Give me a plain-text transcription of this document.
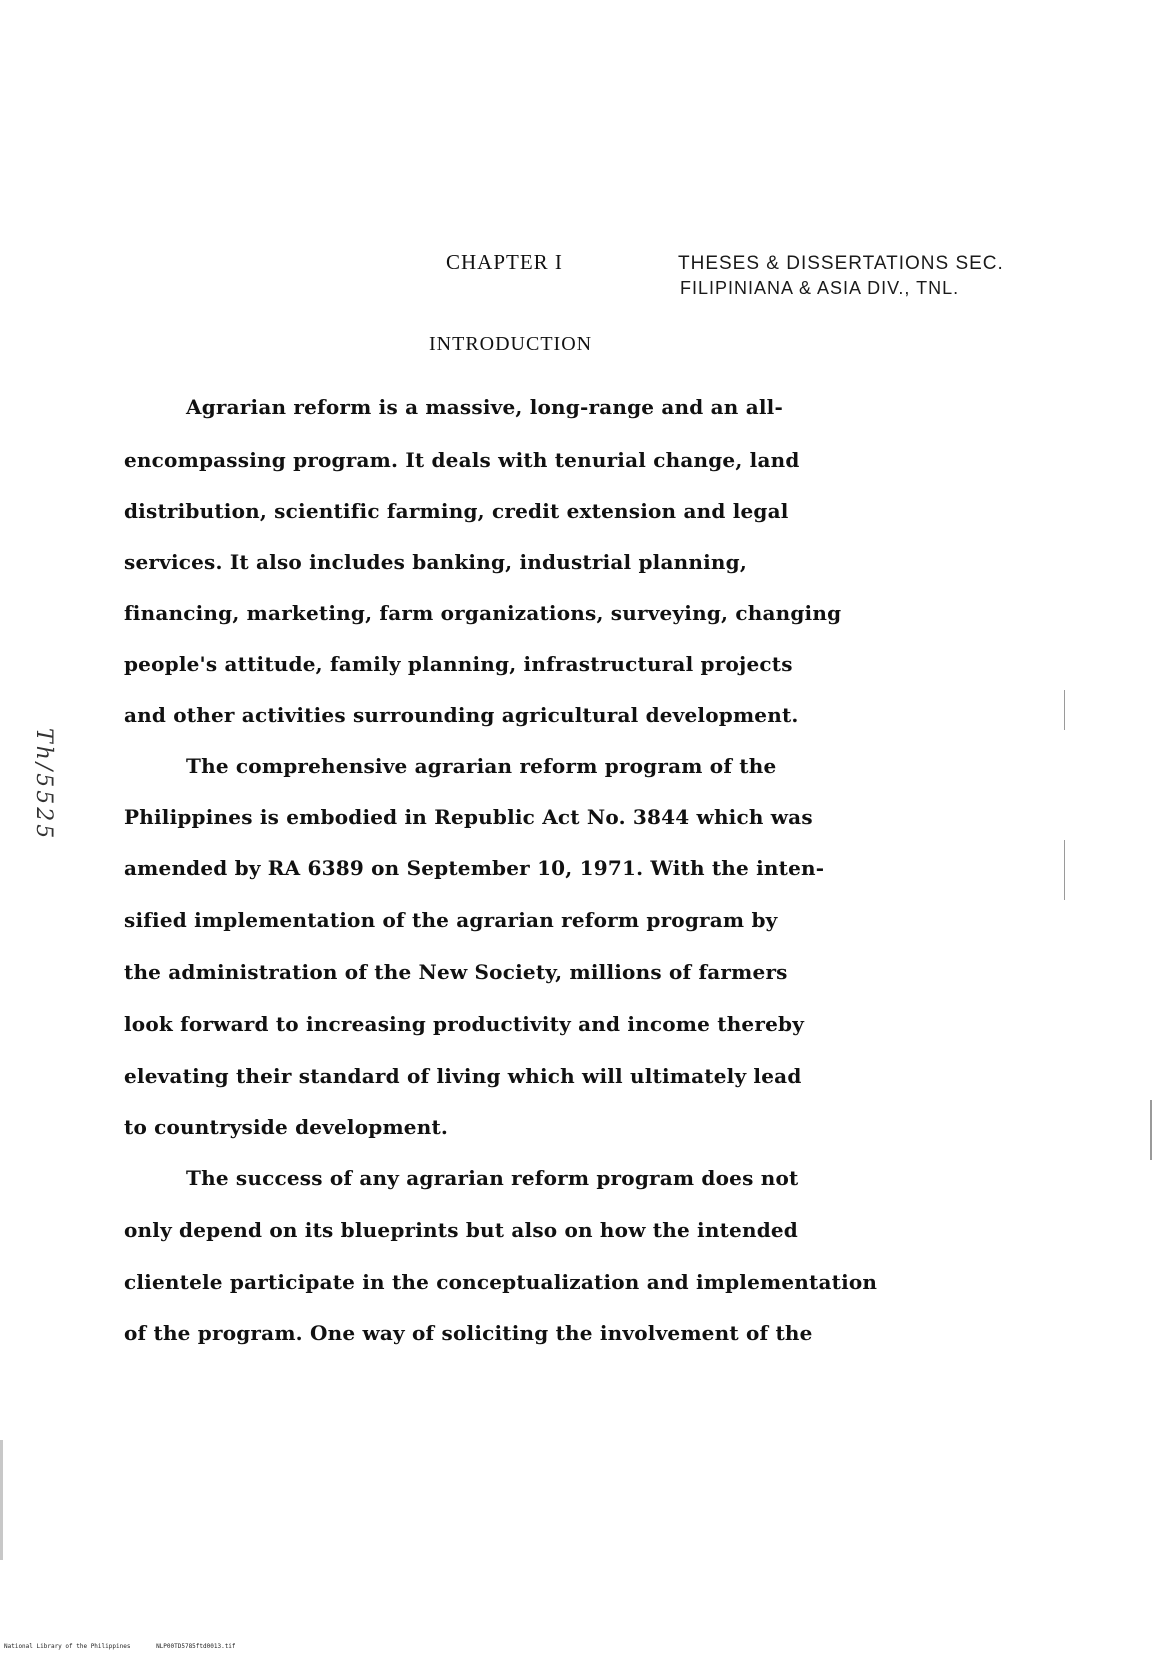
CHAPTER I	THESES & DISSERTATIONS SEC.
FILIPINIANA & ASIA DIV., TNL.
INTRODUCTION
Agrarian reform is a massive, long-range and an all-
encompassing program. It deals with tenurial change, land
distribution, scientific farming, credit extension and legal
services. It also includes banking, industrial planning,
financing, marketing, farm organizations, surveying, changing
people's attitude, family planning, infrastructural projects
and other activities surrounding agricultural development.
The comprehensive agrarian reform program of the
Philippines is embodied in Republic Act No. 3844 which was
amended by RA 6389 on September 10, 1971. With the inten-
sified implementation of the agrarian reform program by
the administration of the New Society, millions of farmers
look forward to increasing productivity and income thereby
elevating their standard of living which will ultimately lead
to countryside development.
The success of any agrarian reform program does not
only depend on its blueprints but also on how the intended
clientele participate in the conceptualization and implementation
of the program. One way of soliciting the involvement of the
Th/5525
National Library of the Philippines	NLP00TD5785ftd0013.tif
